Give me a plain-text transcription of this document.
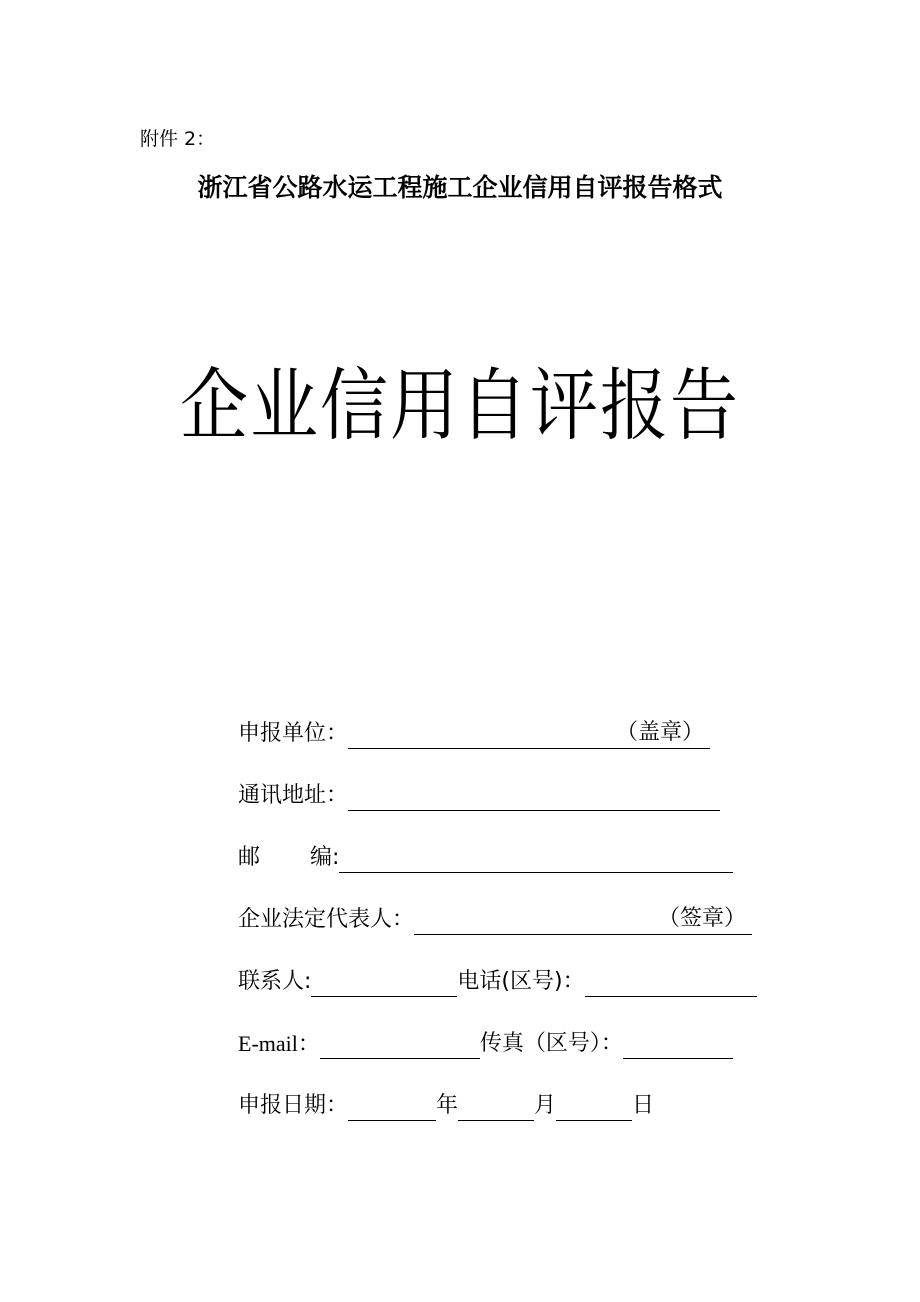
附件 2：
浙江省公路水运工程施工企业信用自评报告格式
企业信用自评报告
申报单位：	（盖章）
通讯地址：
邮 编:
企业法定代表人：	（签章）
联系人:	电话(区号)：
E-mail：	传真（区号）：
申报日期：	年	月	日
